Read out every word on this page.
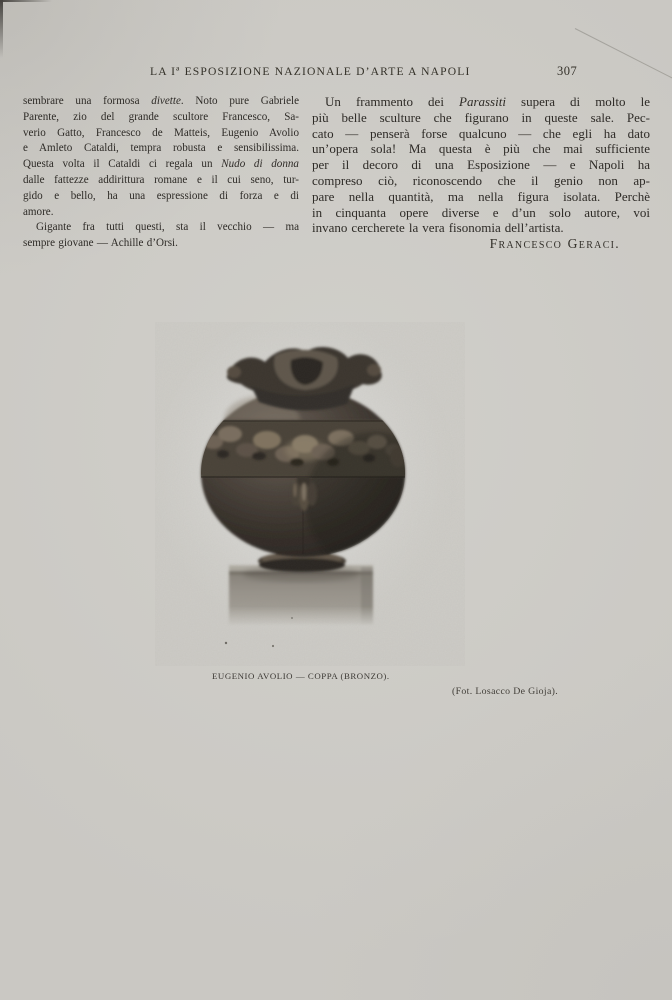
LA Iª ESPOSIZIONE NAZIONALE D’ARTE A NAPOLI	307
sembrare una formosa divette. Noto pure Gabriele
Parente, zio del grande scultore Francesco, Sa-
verio Gatto, Francesco de Matteis, Eugenio Avolio
e Amleto Cataldi, tempra robusta e sensibilissima.
Questa volta il Cataldi ci regala un Nudo di donna
dalle fattezze addirittura romane e il cui seno, tur-
gido e bello, ha una espressione di forza e di
amore.
Gigante fra tutti questi, sta il vecchio — ma
sempre giovane — Achille d’Orsi.
Un frammento dei Parassiti supera di molto le
più belle sculture che figurano in queste sale. Pec-
cato — penserà forse qualcuno — che egli ha dato
un’opera sola! Ma questa è più che mai sufficiente
per il decoro di una Esposizione — e Napoli ha
compreso ciò, riconoscendo che il genio non ap-
pare nella quantità, ma nella figura isolata. Perchè
in cinquanta opere diverse e d’un solo autore, voi
invano cercherete la vera fisonomia dell’artista.
Francesco Geraci.
EUGENIO AVOLIO — COPPA (BRONZO).
(Fot. Losacco De Gioja).
